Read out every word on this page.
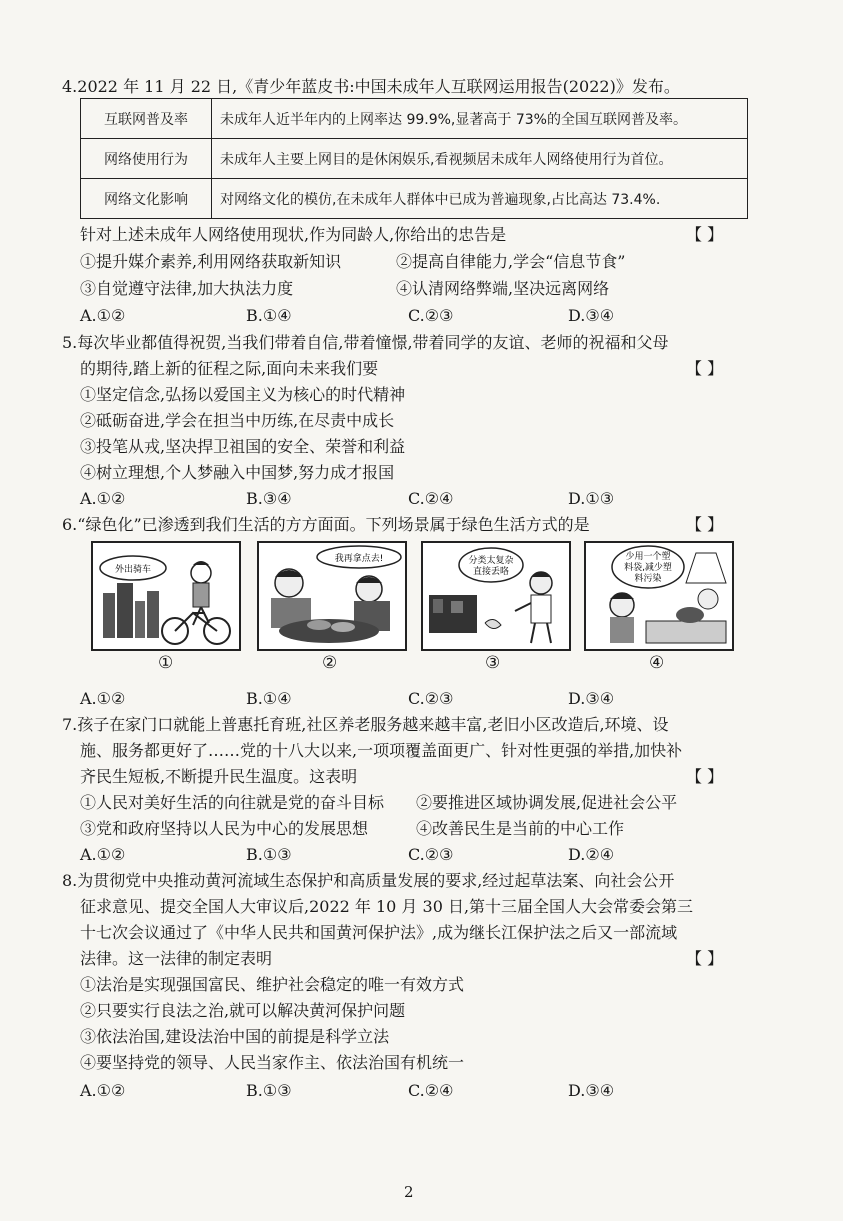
4.2022 年 11 月 22 日,《青少年蓝皮书:中国未成年人互联网运用报告(2022)》发布。
互联网普及率	未成年人近半年内的上网率达 99.9%,显著高于 73%的全国互联网普及率。
网络使用行为	未成年人主要上网目的是休闲娱乐,看视频居未成年人网络使用行为首位。
网络文化影响	对网络文化的模仿,在未成年人群体中已成为普遍现象,占比高达 73.4%.
针对上述未成年人网络使用现状,作为同龄人,你给出的忠告是	【 】
①提升媒介素养,利用网络获取新知识	②提高自律能力,学会“信息节食”
③自觉遵守法律,加大执法力度	④认清网络弊端,坚决远离网络
A.①②	B.①④	C.②③	D.③④
5.每次毕业都值得祝贺,当我们带着自信,带着憧憬,带着同学的友谊、老师的祝福和父母
的期待,踏上新的征程之际,面向未来我们要	【 】
①坚定信念,弘扬以爱国主义为核心的时代精神
②砥砺奋进,学会在担当中历练,在尽责中成长
③投笔从戎,坚决捍卫祖国的安全、荣誉和利益
④树立理想,个人梦融入中国梦,努力成才报国
A.①②	B.③④	C.②④	D.①③
6.“绿色化”已渗透到我们生活的方方面面。下列场景属于绿色生活方式的是	【 】
外出骑车
我再拿点去!	分类太复杂
直接丢咯
少用一个塑
料袋,减少塑
料污染
①	②	③	④
A.①②	B.①④	C.②③	D.③④
7.孩子在家门口就能上普惠托育班,社区养老服务越来越丰富,老旧小区改造后,环境、设
施、服务都更好了……党的十八大以来,一项项覆盖面更广、针对性更强的举措,加快补
齐民生短板,不断提升民生温度。这表明	【 】
①人民对美好生活的向往就是党的奋斗目标 ②要推进区域协调发展,促进社会公平
③党和政府坚持以人民为中心的发展思想	④改善民生是当前的中心工作
A.①②	B.①③	C.②③	D.②④
8.为贯彻党中央推动黄河流域生态保护和高质量发展的要求,经过起草法案、向社会公开
征求意见、提交全国人大审议后,2022 年 10 月 30 日,第十三届全国人大会常委会第三
十七次会议通过了《中华人民共和国黄河保护法》,成为继长江保护法之后又一部流域
法律。这一法律的制定表明	【 】
①法治是实现强国富民、维护社会稳定的唯一有效方式
②只要实行良法之治,就可以解决黄河保护问题
③依法治国,建设法治中国的前提是科学立法
④要坚持党的领导、人民当家作主、依法治国有机统一
A.①②	B.①③	C.②④	D.③④
2
